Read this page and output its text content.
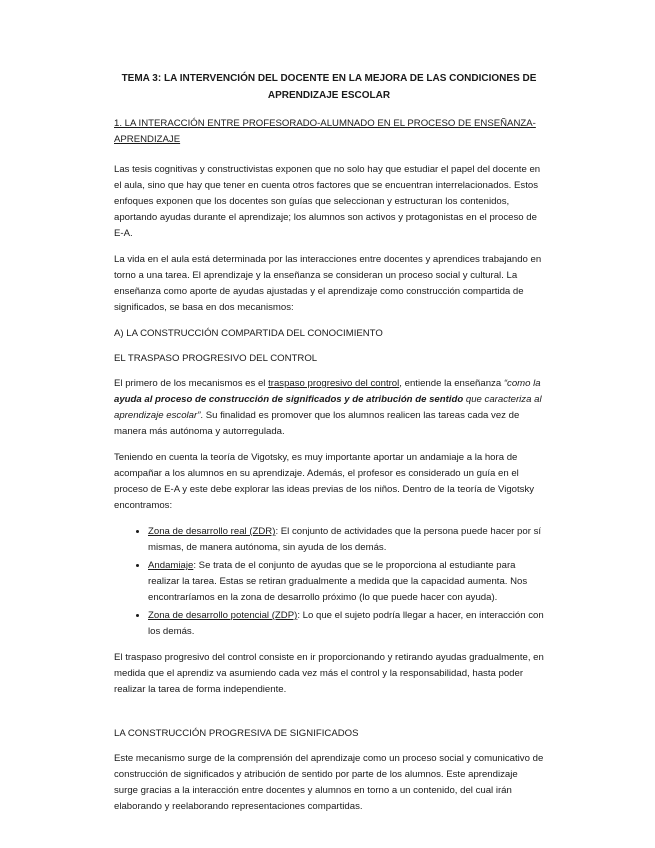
TEMA 3: LA INTERVENCIÓN DEL DOCENTE EN LA MEJORA DE LAS CONDICIONES DE APRENDIZAJE ESCOLAR
1. LA INTERACCIÓN ENTRE PROFESORADO-ALUMNADO EN EL PROCESO DE ENSEÑANZA-APRENDIZAJE

Las tesis cognitivas y constructivistas exponen que no solo hay que estudiar el papel del docente en el aula, sino que hay que tener en cuenta otros factores que se encuentran interrelacionados. Estos enfoques exponen que los docentes son guías que seleccionan y estructuran los contenidos, aportando ayudas durante el aprendizaje; los alumnos son activos y protagonistas en el proceso de E-A.

La vida en el aula está determinada por las interacciones entre docentes y aprendices trabajando en torno a una tarea. El aprendizaje y la enseñanza se consideran un proceso social y cultural. La enseñanza como aporte de ayudas ajustadas y el aprendizaje como construcción compartida de significados, se basa en dos mecanismos:

A) LA CONSTRUCCIÓN COMPARTIDA DEL CONOCIMIENTO

EL TRASPASO PROGRESIVO DEL CONTROL

El primero de los mecanismos es el traspaso progresivo del control, entiende la enseñanza “como la ayuda al proceso de construcción de significados y de atribución de sentido que caracteriza al aprendizaje escolar”. Su finalidad es promover que los alumnos realicen las tareas cada vez de manera más autónoma y autorregulada.

Teniendo en cuenta la teoría de Vigotsky, es muy importante aportar un andamiaje a la hora de acompañar a los alumnos en su aprendizaje. Además, el profesor es considerado un guía en el proceso de E-A y este debe explorar las ideas previas de los niños. Dentro de la teoría de Vigotsky encontramos:

• Zona de desarrollo real (ZDR): El conjunto de actividades que la persona puede hacer por sí mismas, de manera autónoma, sin ayuda de los demás.
• Andamiaje: Se trata de el conjunto de ayudas que se le proporciona al estudiante para realizar la tarea. Estas se retiran gradualmente a medida que la capacidad aumenta. Nos encontraríamos en la zona de desarrollo próximo (lo que puede hacer con ayuda).
• Zona de desarrollo potencial (ZDP): Lo que el sujeto podría llegar a hacer, en interacción con los demás.

El traspaso progresivo del control consiste en ir proporcionando y retirando ayudas gradualmente, en medida que el aprendiz va asumiendo cada vez más el control y la responsabilidad, hasta poder realizar la tarea de forma independiente.

LA CONSTRUCCIÓN PROGRESIVA DE SIGNIFICADOS

Este mecanismo surge de la comprensión del aprendizaje como un proceso social y comunicativo de construcción de significados y atribución de sentido por parte de los alumnos. Este aprendizaje surge gracias a la interacción entre docentes y alumnos en torno a un contenido, del cual irán elaborando y reelaborando representaciones compartidas.
